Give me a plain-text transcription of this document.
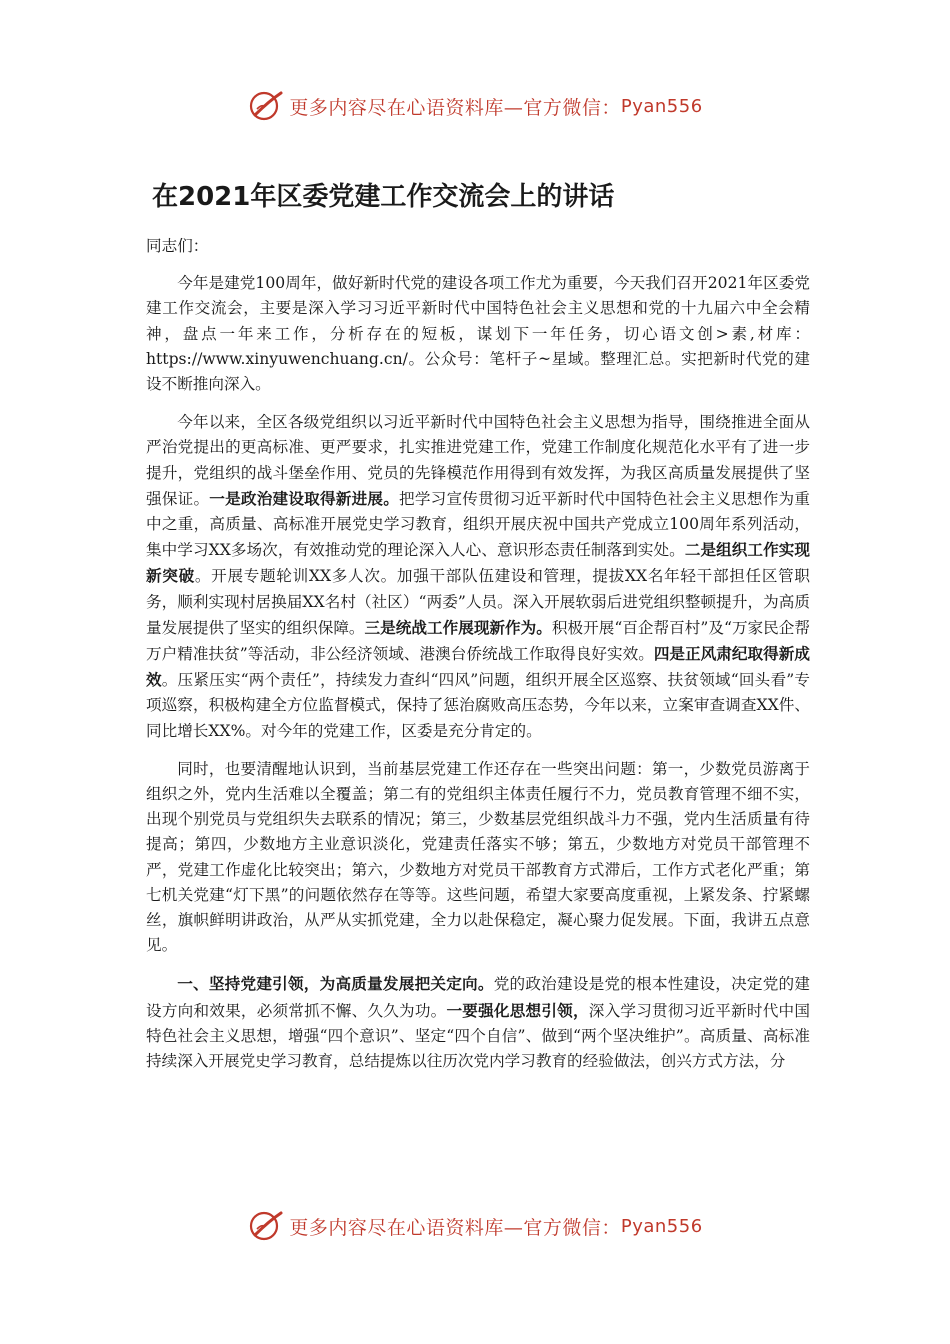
更多内容尽在心语资料库—官方微信： Pyan556
在2021年区委党建工作交流会上的讲话

同志们：

今年是建党100周年，做好新时代党的建设各项工作尤为重要，今天我们召开2021年区委党建工作交流会，主要是深入学习习近平新时代中国特色社会主义思想和党的十九届六中全会精神，盘点一年来工作，分析存在的短板，谋划下一年任务，切心语文创>素,材库：https://www.xinyuwenchuang.cn/。公众号：笔杆子~星域。整理汇总。实把新时代党的建设不断推向深入。

今年以来，全区各级党组织以习近平新时代中国特色社会主义思想为指导，围绕推进全面从严治党提出的更高标准、更严要求，扎实推进党建工作，党建工作制度化规范化水平有了进一步提升，党组织的战斗堡垒作用、党员的先锋模范作用得到有效发挥，为我区高质量发展提供了坚强保证。一是政治建设取得新进展。把学习宣传贯彻习近平新时代中国特色社会主义思想作为重中之重，高质量、高标准开展党史学习教育，组织开展庆祝中国共产党成立100周年系列活动，集中学习XX多场次，有效推动党的理论深入人心、意识形态责任制落到实处。二是组织工作实现新突破。开展专题轮训XX多人次。加强干部队伍建设和管理，提拔XX名年轻干部担任区管职务，顺利实现村居换届XX名村（社区）“两委”人员。深入开展软弱后进党组织整顿提升，为高质量发展提供了坚实的组织保障。三是统战工作展现新作为。积极开展“百企帮百村”及“万家民企帮万户精准扶贫”等活动，非公经济领域、港澳台侨统战工作取得良好实效。四是正风肃纪取得新成效。压紧压实“两个责任”，持续发力查纠“四风”问题，组织开展全区巡察、扶贫领域“回头看”专项巡察，积极构建全方位监督模式，保持了惩治腐败高压态势，今年以来，立案审查调查XX件、同比增长XX%。对今年的党建工作，区委是充分肯定的。

同时，也要清醒地认识到，当前基层党建工作还存在一些突出问题：第一，少数党员游离于组织之外，党内生活难以全覆盖；第二有的党组织主体责任履行不力，党员教育管理不细不实，出现个别党员与党组织失去联系的情况；第三，少数基层党组织战斗力不强，党内生活质量有待提高；第四，少数地方主业意识淡化，党建责任落实不够；第五，少数地方对党员干部管理不严，党建工作虚化比较突出；第六，少数地方对党员干部教育方式滞后，工作方式老化严重；第七机关党建“灯下黑”的问题依然存在等等。这些问题，希望大家要高度重视，上紧发条、拧紧螺丝，旗帜鲜明讲政治，从严从实抓党建，全力以赴保稳定，凝心聚力促发展。下面，我讲五点意见。

一、坚持党建引领，为高质量发展把关定向。党的政治建设是党的根本性建设，决定党的建设方向和效果，必须常抓不懈、久久为功。一要强化思想引领，深入学习贯彻习近平新时代中国特色社会主义思想，增强“四个意识”、坚定“四个自信”、做到“两个坚决维护”。高质量、高标准持续深入开展党史学习教育，总结提炼以往历次党内学习教育的经验做法，创兴方式方法，分

更多内容尽在心语资料库—官方微信： Pyan556
